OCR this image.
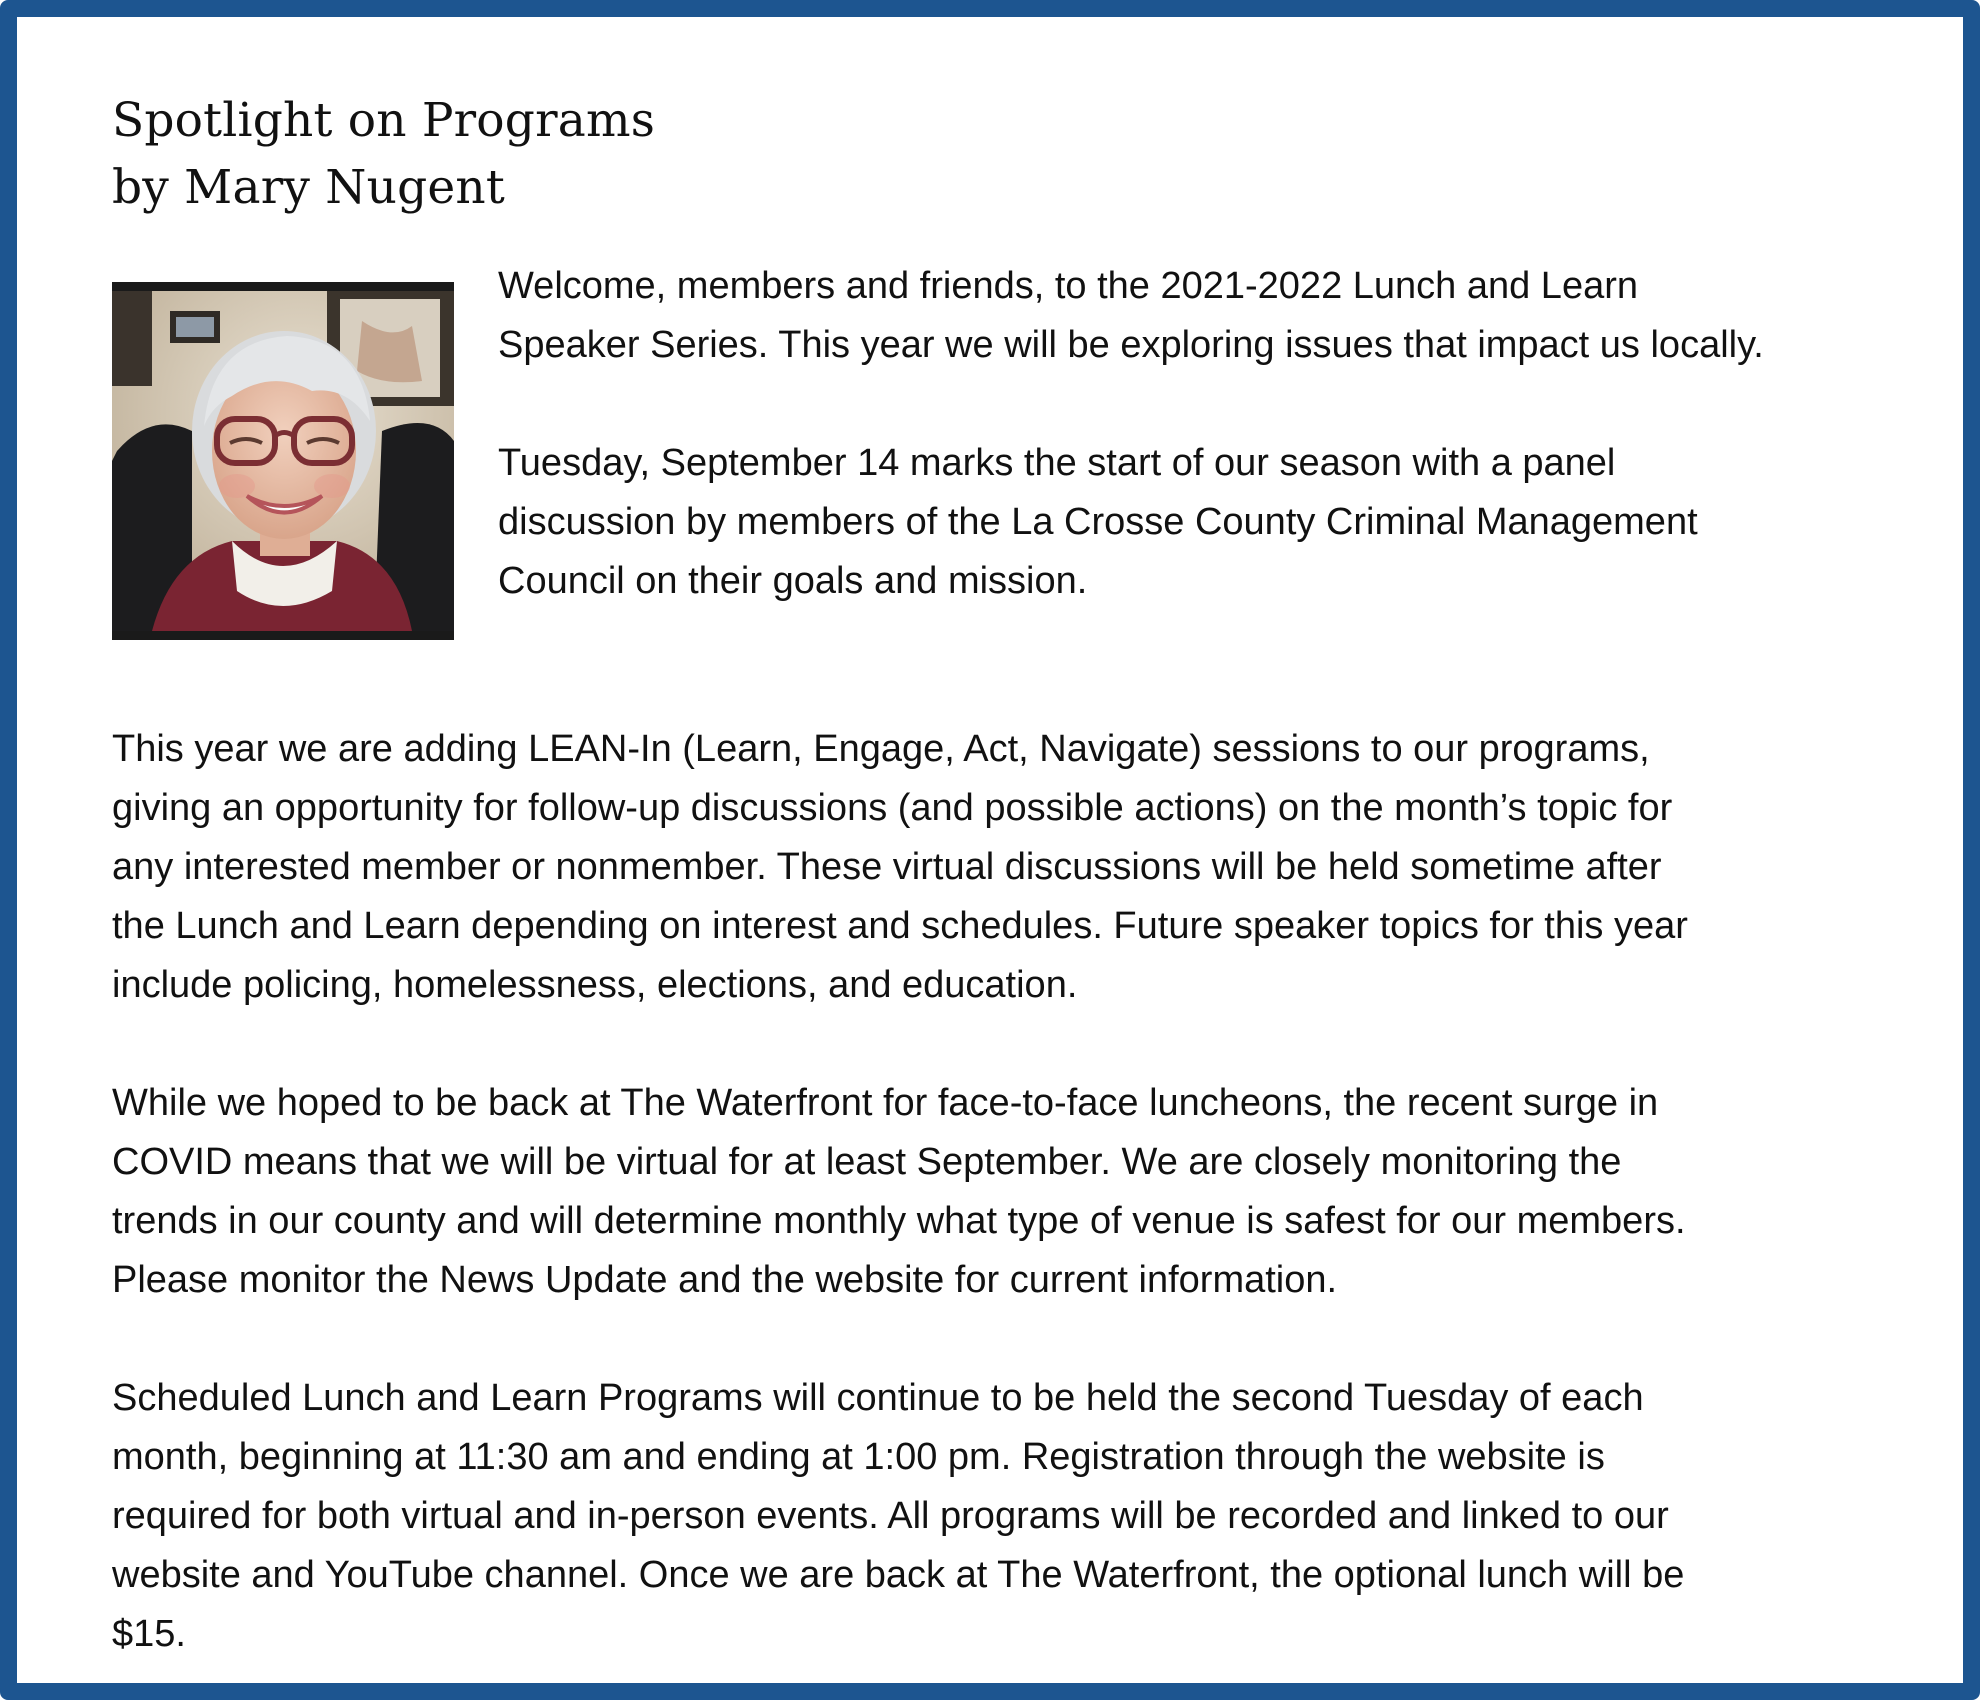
Spotlight on Programs
by Mary Nugent

Welcome, members and friends, to the 2021-2022 Lunch and Learn
Speaker Series. This year we will be exploring issues that impact us locally.

Tuesday, September 14 marks the start of our season with a panel
discussion by members of the La Crosse County Criminal Management
Council on their goals and mission.

This year we are adding LEAN-In (Learn, Engage, Act, Navigate) sessions to our programs,
giving an opportunity for follow-up discussions (and possible actions) on the month’s topic for
any interested member or nonmember. These virtual discussions will be held sometime after
the Lunch and Learn depending on interest and schedules. Future speaker topics for this year
include policing, homelessness, elections, and education.

While we hoped to be back at The Waterfront for face-to-face luncheons, the recent surge in
COVID means that we will be virtual for at least September. We are closely monitoring the
trends in our county and will determine monthly what type of venue is safest for our members.
Please monitor the News Update and the website for current information.

Scheduled Lunch and Learn Programs will continue to be held the second Tuesday of each
month, beginning at 11:30 am and ending at 1:00 pm. Registration through the website is
required for both virtual and in-person events. All programs will be recorded and linked to our
website and YouTube channel. Once we are back at The Waterfront, the optional lunch will be
$15.
